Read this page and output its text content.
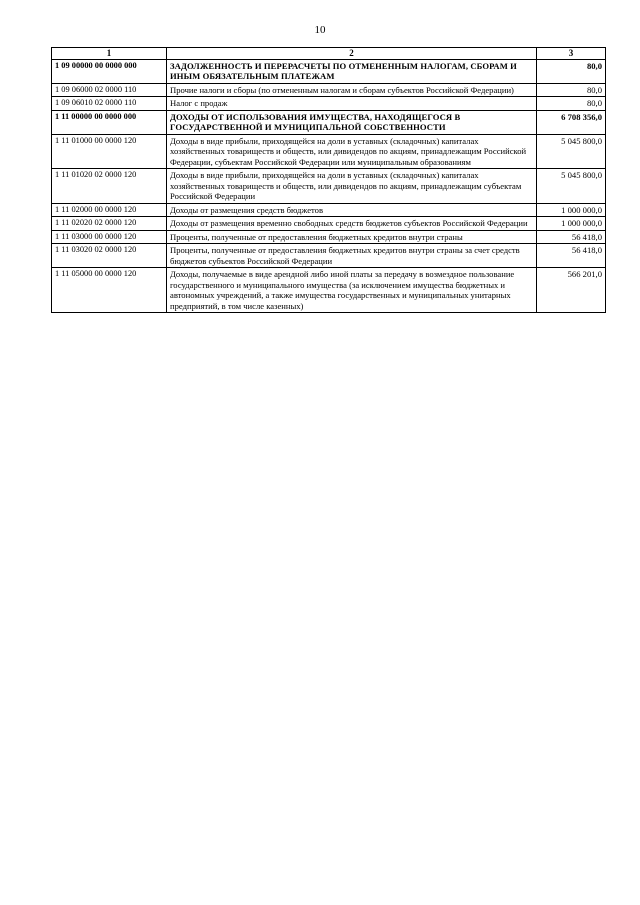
10
1	2	3
1 09 00000 00 0000 000	ЗАДОЛЖЕННОСТЬ И ПЕРЕРАСЧЕТЫ ПО ОТМЕНЕННЫМ НАЛОГАМ, СБОРАМ И ИНЫМ ОБЯЗАТЕЛЬНЫМ ПЛАТЕЖАМ	80,0
1 09 06000 02 0000 110	Прочие налоги и сборы (по отмененным налогам и сборам субъектов Российской Федерации)	80,0
1 09 06010 02 0000 110	Налог с продаж	80,0
1 11 00000 00 0000 000	ДОХОДЫ ОТ ИСПОЛЬЗОВАНИЯ ИМУЩЕСТВА, НАХОДЯЩЕГОСЯ В ГОСУДАРСТВЕННОЙ И МУНИЦИПАЛЬНОЙ СОБСТВЕННОСТИ	6 708 356,0
1 11 01000 00 0000 120	Доходы в виде прибыли, приходящейся на доли в уставных (складочных) капиталах хозяйственных товариществ и обществ, или дивидендов по акциям, принадлежащим Российской Федерации, субъектам Российской Федерации или муниципальным образованиям	5 045 800,0
1 11 01020 02 0000 120	Доходы в виде прибыли, приходящейся на доли в уставных (складочных) капиталах хозяйственных товариществ и обществ, или дивидендов по акциям, принадлежащим субъектам Российской Федерации	5 045 800,0
1 11 02000 00 0000 120	Доходы от размещения средств бюджетов	1 000 000,0
1 11 02020 02 0000 120	Доходы от размещения временно свободных средств бюджетов субъектов Российской Федерации	1 000 000,0
1 11 03000 00 0000 120	Проценты, полученные от предоставления бюджетных кредитов внутри страны	56 418,0
1 11 03020 02 0000 120	Проценты, полученные от предоставления бюджетных кредитов внутри страны за счет средств бюджетов субъектов Российской Федерации	56 418,0
1 11 05000 00 0000 120	Доходы, получаемые в виде арендной либо иной платы за передачу в возмездное пользование государственного и муниципального имущества (за исключением имущества бюджетных и автономных учреждений, а также имущества государственных и муниципальных унитарных предприятий, в том числе казенных)	566 201,0
